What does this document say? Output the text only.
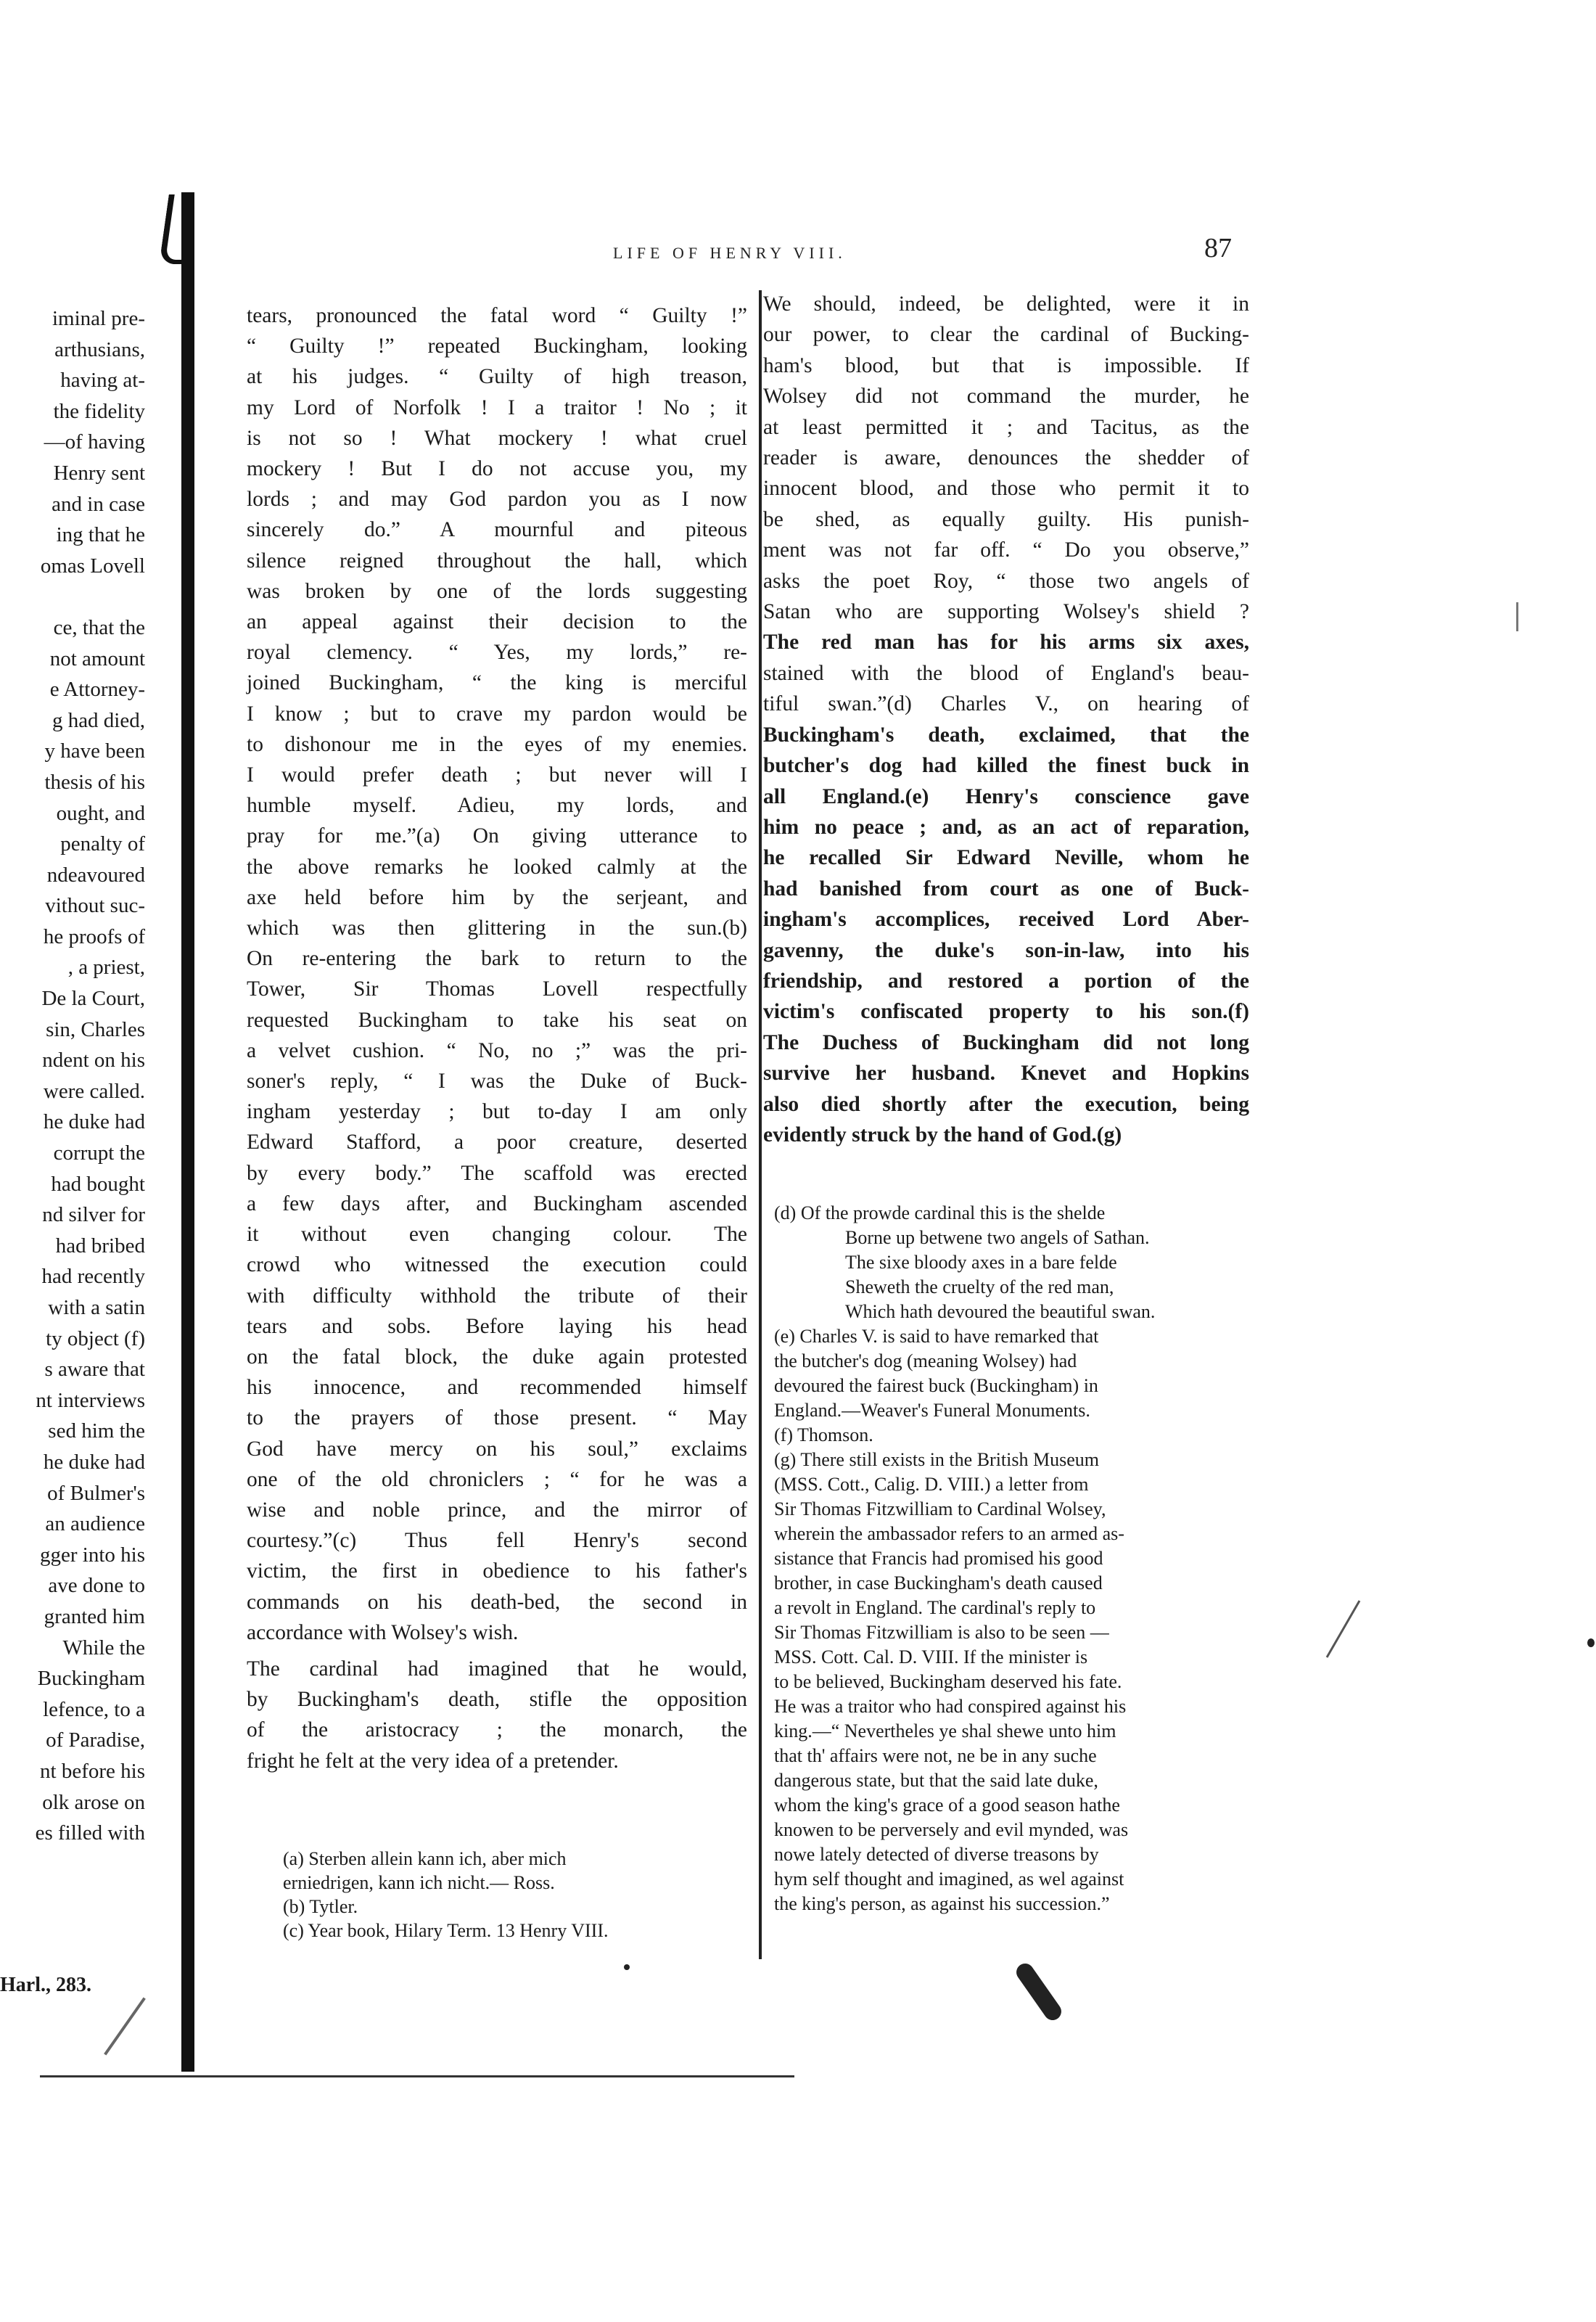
LIFE OF HENRY VIII.	87
iminal pre-
arthusians,
having at-
the fidelity
—of having
Henry sent
and in case
ing that he
omas Lovell

ce, that the
not amount
e Attorney-
g had died,
y have been
thesis of his
ought, and
penalty of
ndeavoured
vithout suc-
he proofs of
, a priest,
De la Court,
sin, Charles
ndent on his
were called.
he duke had
corrupt the
had bought
nd silver for
had bribed
had recently
with a satin
ty object (f)
s aware that
nt interviews
sed him the
he duke had
of Bulmer's
an audience
gger into his
ave done to
granted him
While the
Buckingham
lefence, to a
of Paradise,
nt before his
olk arose on
es filled with
Harl., 283.
tears, pronounced the fatal word “ Guilty !”
“ Guilty !” repeated Buckingham, looking
at his judges. “ Guilty of high treason,
my Lord of Norfolk ! I a traitor ! No ; it
is not so ! What mockery ! what cruel
mockery ! But I do not accuse you, my
lords ; and may God pardon you as I now
sincerely do.” A mournful and piteous
silence reigned throughout the hall, which
was broken by one of the lords suggesting
an appeal against their decision to the
royal clemency. “ Yes, my lords,” re-
joined Buckingham, “ the king is merciful
I know ; but to crave my pardon would be
to dishonour me in the eyes of my enemies.
I would prefer death ; but never will I
humble myself. Adieu, my lords, and
pray for me.”(a) On giving utterance to
the above remarks he looked calmly at the
axe held before him by the serjeant, and
which was then glittering in the sun.(b)
On re-entering the bark to return to the
Tower, Sir Thomas Lovell respectfully
requested Buckingham to take his seat on
a velvet cushion. “ No, no ;” was the pri-
soner's reply, “ I was the Duke of Buck-
ingham yesterday ; but to-day I am only
Edward Stafford, a poor creature, deserted
by every body.” The scaffold was erected
a few days after, and Buckingham ascended
it without even changing colour. The
crowd who witnessed the execution could
with difficulty withhold the tribute of their
tears and sobs. Before laying his head
on the fatal block, the duke again protested
his innocence, and recommended himself
to the prayers of those present. “ May
God have mercy on his soul,” exclaims
one of the old chroniclers ; “ for he was a
wise and noble prince, and the mirror of
courtesy.”(c) Thus fell Henry's second
victim, the first in obedience to his father's
commands on his death-bed, the second in
accordance with Wolsey's wish.
The cardinal had imagined that he would,
by Buckingham's death, stifle the opposition
of the aristocracy ; the monarch, the
fright he felt at the very idea of a pretender.
(a) Sterben allein kann ich, aber mich
erniedrigen, kann ich nicht.— Ross.
(b) Tytler.
(c) Year book, Hilary Term. 13 Henry VIII.
We should, indeed, be delighted, were it in
our power, to clear the cardinal of Bucking-
ham's blood, but that is impossible. If
Wolsey did not command the murder, he
at least permitted it ; and Tacitus, as the
reader is aware, denounces the shedder of
innocent blood, and those who permit it to
be shed, as equally guilty. His punish-
ment was not far off. “ Do you observe,”
asks the poet Roy, “ those two angels of
Satan who are supporting Wolsey's shield ?
The red man has for his arms six axes,
stained with the blood of England's beau-
tiful swan.”(d) Charles V., on hearing of
Buckingham's death, exclaimed, that the
butcher's dog had killed the finest buck in
all England.(e) Henry's conscience gave
him no peace ; and, as an act of reparation,
he recalled Sir Edward Neville, whom he
had banished from court as one of Buck-
ingham's accomplices, received Lord Aber-
gavenny, the duke's son-in-law, into his
friendship, and restored a portion of the
victim's confiscated property to his son.(f)
The Duchess of Buckingham did not long
survive her husband. Knevet and Hopkins
also died shortly after the execution, being
evidently struck by the hand of God.(g)
(d) Of the prowde cardinal this is the shelde
Borne up betwene two angels of Sathan.
The sixe bloody axes in a bare felde
Sheweth the cruelty of the red man,
Which hath devoured the beautiful swan.
(e) Charles V. is said to have remarked that
the butcher's dog (meaning Wolsey) had
devoured the fairest buck (Buckingham) in
England.—Weaver's Funeral Monuments.
(f) Thomson.
(g) There still exists in the British Museum
(MSS. Cott., Calig. D. VIII.) a letter from
Sir Thomas Fitzwilliam to Cardinal Wolsey,
wherein the ambassador refers to an armed as-
sistance that Francis had promised his good
brother, in case Buckingham's death caused
a revolt in England. The cardinal's reply to
Sir Thomas Fitzwilliam is also to be seen —
MSS. Cott. Cal. D. VIII. If the minister is
to be believed, Buckingham deserved his fate.
He was a traitor who had conspired against his
king.—“ Nevertheles ye shal shewe unto him
that th' affairs were not, ne be in any suche
dangerous state, but that the said late duke,
whom the king's grace of a good season hathe
knowen to be perversely and evil mynded, was
nowe lately detected of diverse treasons by
hym self thought and imagined, as wel against
the king's person, as against his succession.”
